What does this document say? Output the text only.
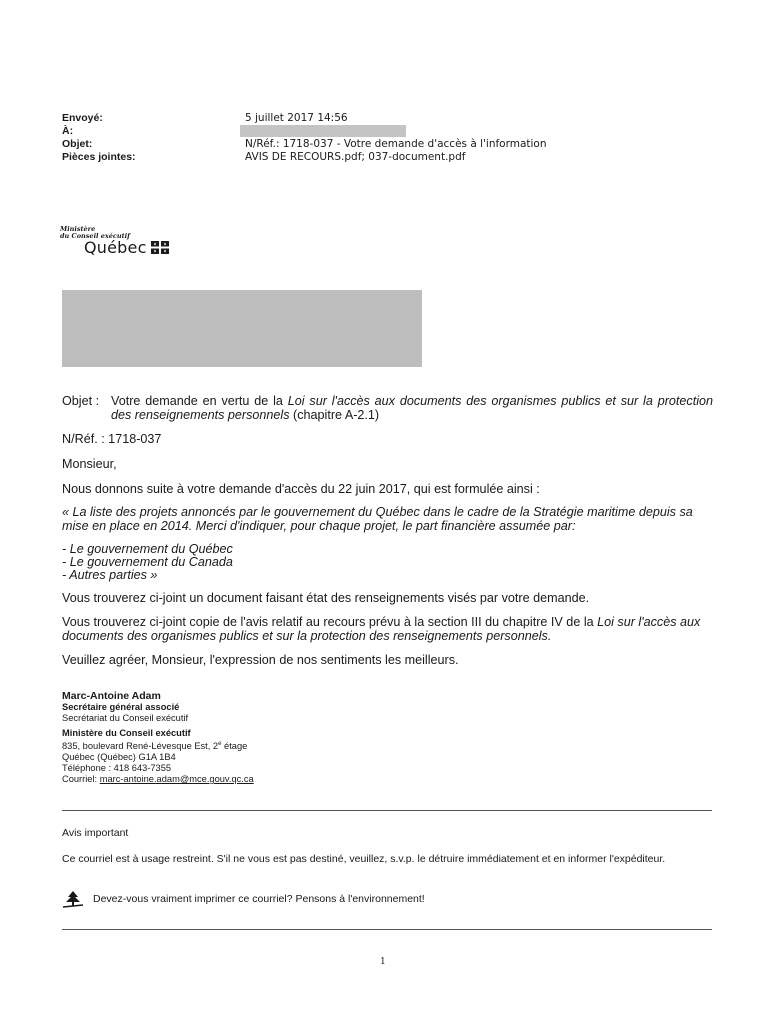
Envoyé:	5 juillet 2017 14:56
À:
Objet:	N/Réf.: 1718-037 - Votre demande d'accès à l'information
Pièces jointes:	AVIS DE RECOURS.pdf; 037-document.pdf
Ministère
du Conseil exécutif
Québec
Objet : Votre demande en vertu de la Loi sur l'accès aux documents des organismes publics et sur la protection des renseignements personnels (chapitre A-2.1)
N/Réf. : 1718-037
Monsieur,
Nous donnons suite à votre demande d'accès du 22 juin 2017, qui est formulée ainsi :
« La liste des projets annoncés par le gouvernement du Québec dans le cadre de la Stratégie maritime depuis sa mise en place en 2014. Merci d'indiquer, pour chaque projet, le part financière assumée par:
- Le gouvernement du Québec
- Le gouvernement du Canada
- Autres parties »
Vous trouverez ci-joint un document faisant état des renseignements visés par votre demande.
Vous trouverez ci-joint copie de l'avis relatif au recours prévu à la section III du chapitre IV de la Loi sur l'accès aux documents des organismes publics et sur la protection des renseignements personnels.
Veuillez agréer, Monsieur, l'expression de nos sentiments les meilleurs.
Marc-Antoine Adam
Secrétaire général associé
Secrétariat du Conseil exécutif
Ministère du Conseil exécutif
835, boulevard René-Lévesque Est, 2e étage
Québec (Québec) G1A 1B4
Téléphone : 418 643-7355
Courriel: marc-antoine.adam@mce.gouv.qc.ca
Avis important
Ce courriel est à usage restreint. S'il ne vous est pas destiné, veuillez, s.v.p. le détruire immédiatement et en informer l'expéditeur.
Devez-vous vraiment imprimer ce courriel? Pensons à l'environnement!
1
